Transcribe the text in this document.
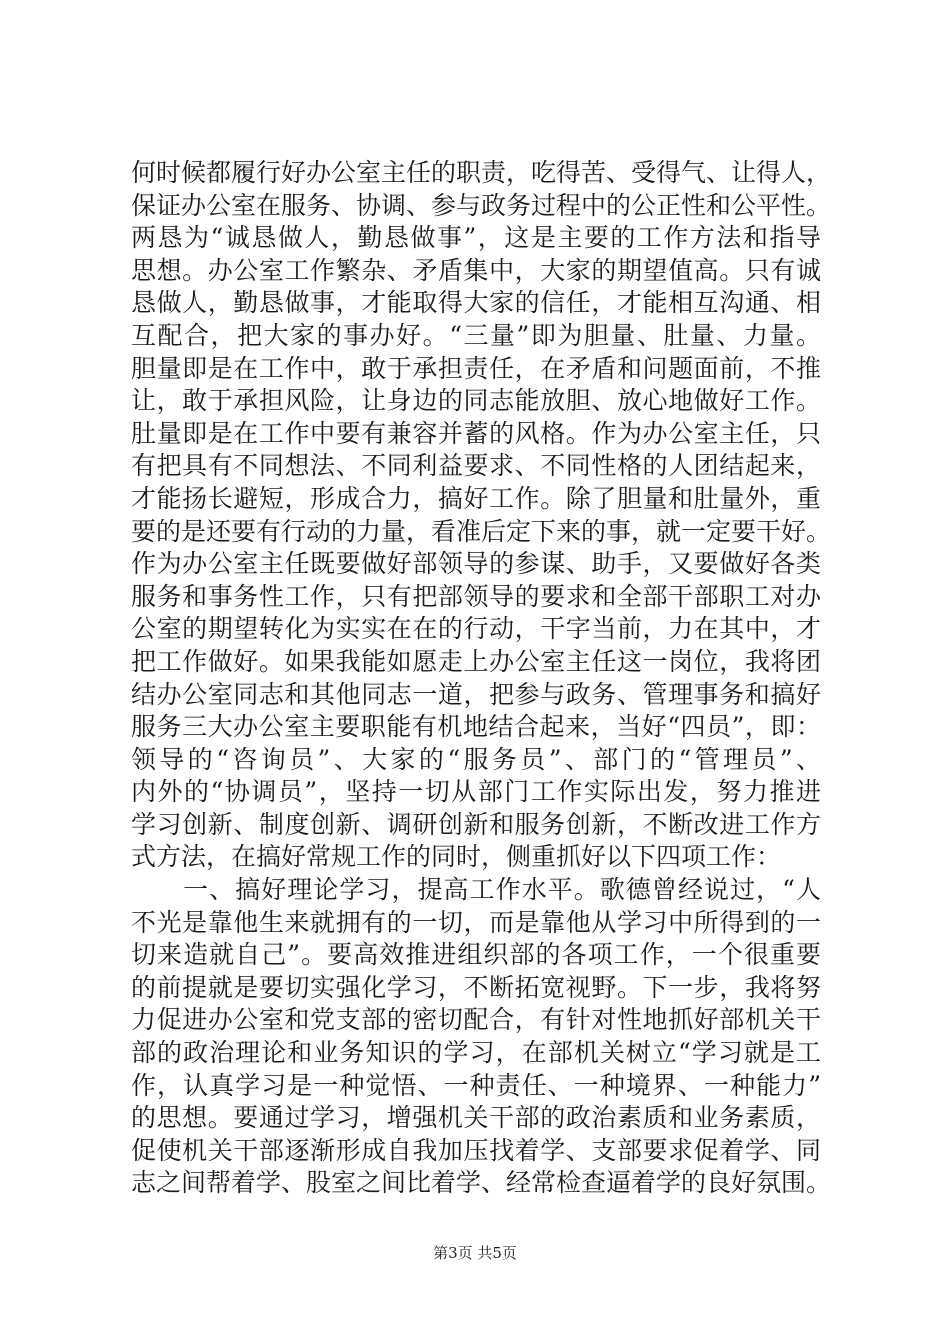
何时候都履行好办公室主任的职责，吃得苦、受得气、让得人，
保证办公室在服务、协调、参与政务过程中的公正性和公平性。
两恳为“诚恳做人，勤恳做事”，这是主要的工作方法和指导
思想。办公室工作繁杂、矛盾集中，大家的期望值高。只有诚
恳做人，勤恳做事，才能取得大家的信任，才能相互沟通、相
互配合，把大家的事办好。“三量”即为胆量、肚量、力量。
胆量即是在工作中，敢于承担责任，在矛盾和问题面前，不推
让，敢于承担风险，让身边的同志能放胆、放心地做好工作。
肚量即是在工作中要有兼容并蓄的风格。作为办公室主任，只
有把具有不同想法、不同利益要求、不同性格的人团结起来，
才能扬长避短，形成合力，搞好工作。除了胆量和肚量外，重
要的是还要有行动的力量，看准后定下来的事，就一定要干好。
作为办公室主任既要做好部领导的参谋、助手，又要做好各类
服务和事务性工作，只有把部领导的要求和全部干部职工对办
公室的期望转化为实实在在的行动，干字当前，力在其中，才
把工作做好。如果我能如愿走上办公室主任这一岗位，我将团
结办公室同志和其他同志一道，把参与政务、管理事务和搞好
服务三大办公室主要职能有机地结合起来，当好“四员”，即：
领导的“咨询员”、大家的“服务员”、部门的“管理员”、
内外的“协调员”，坚持一切从部门工作实际出发，努力推进
学习创新、制度创新、调研创新和服务创新，不断改进工作方
式方法，在搞好常规工作的同时，侧重抓好以下四项工作：
　　一、搞好理论学习，提高工作水平。歌德曾经说过，“人
不光是靠他生来就拥有的一切，而是靠他从学习中所得到的一
切来造就自己”。要高效推进组织部的各项工作，一个很重要
的前提就是要切实强化学习，不断拓宽视野。下一步，我将努
力促进办公室和党支部的密切配合，有针对性地抓好部机关干
部的政治理论和业务知识的学习，在部机关树立“学习就是工
作，认真学习是一种觉悟、一种责任、一种境界、一种能力”
的思想。要通过学习，增强机关干部的政治素质和业务素质，
促使机关干部逐渐形成自我加压找着学、支部要求促着学、同
志之间帮着学、股室之间比着学、经常检查逼着学的良好氛围。
第3页 共5页
